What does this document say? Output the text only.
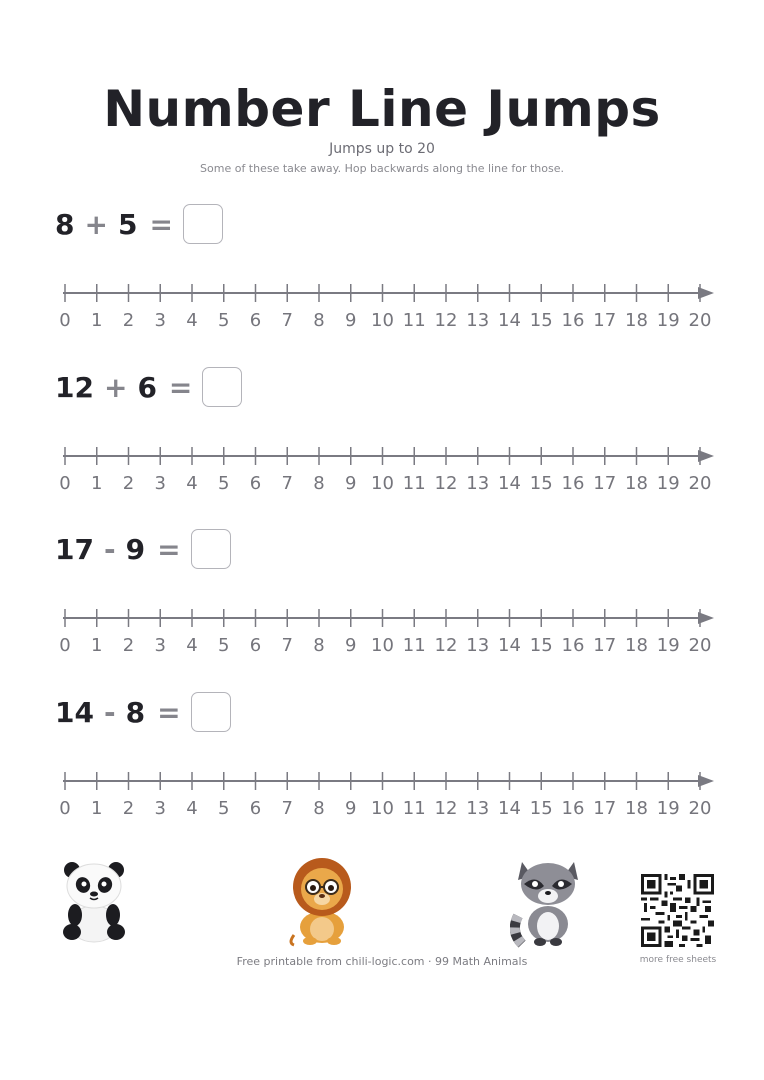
Number Line Jumps
Jumps up to 20
Some of these take away. Hop backwards along the line for those.
8 + 5 =
0 1 2 3 4 5 6 7 8 9 10 11 12 13 14 15 16 17 18 19 20
12 + 6 =
0 1 2 3 4 5 6 7 8 9 10 11 12 13 14 15 16 17 18 19 20
17 - 9 =
0 1 2 3 4 5 6 7 8 9 10 11 12 13 14 15 16 17 18 19 20
14 - 8 =
0 1 2 3 4 5 6 7 8 9 10 11 12 13 14 15 16 17 18 19 20
Free printable from chili-logic.com · 99 Math Animals	more free sheets
